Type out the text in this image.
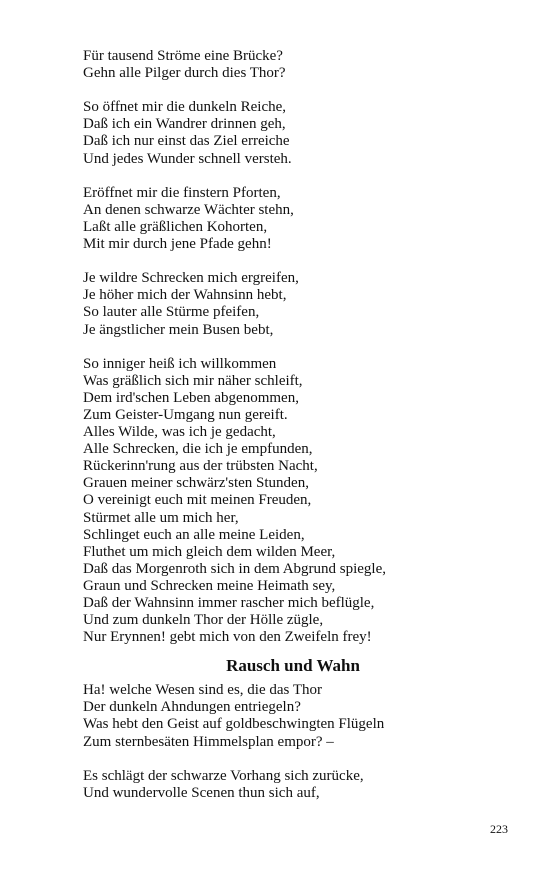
Für tausend Ströme eine Brücke?
Gehn alle Pilger durch dies Thor?
So öffnet mir die dunkeln Reiche,
Daß ich ein Wandrer drinnen geh,
Daß ich nur einst das Ziel erreiche
Und jedes Wunder schnell versteh.
Eröffnet mir die finstern Pforten,
An denen schwarze Wächter stehn,
Laßt alle gräßlichen Kohorten,
Mit mir durch jene Pfade gehn!
Je wildre Schrecken mich ergreifen,
Je höher mich der Wahnsinn hebt,
So lauter alle Stürme pfeifen,
Je ängstlicher mein Busen bebt,
So inniger heiß ich willkommen
Was gräßlich sich mir näher schleift,
Dem ird'schen Leben abgenommen,
Zum Geister-Umgang nun gereift.
Alles Wilde, was ich je gedacht,
Alle Schrecken, die ich je empfunden,
Rückerinn'rung aus der trübsten Nacht,
Grauen meiner schwärz'sten Stunden,
O vereinigt euch mit meinen Freuden,
Stürmet alle um mich her,
Schlinget euch an alle meine Leiden,
Fluthet um mich gleich dem wilden Meer,
Daß das Morgenroth sich in dem Abgrund spiegle,
Graun und Schrecken meine Heimath sey,
Daß der Wahnsinn immer rascher mich beflügle,
Und zum dunkeln Thor der Hölle zügle,
Nur Erynnen! gebt mich von den Zweifeln frey!
Rausch und Wahn
Ha! welche Wesen sind es, die das Thor
Der dunkeln Ahndungen entriegeln?
Was hebt den Geist auf goldbeschwingten Flügeln
Zum sternbesäten Himmelsplan empor? –
Es schlägt der schwarze Vorhang sich zurücke,
Und wundervolle Scenen thun sich auf,
223
